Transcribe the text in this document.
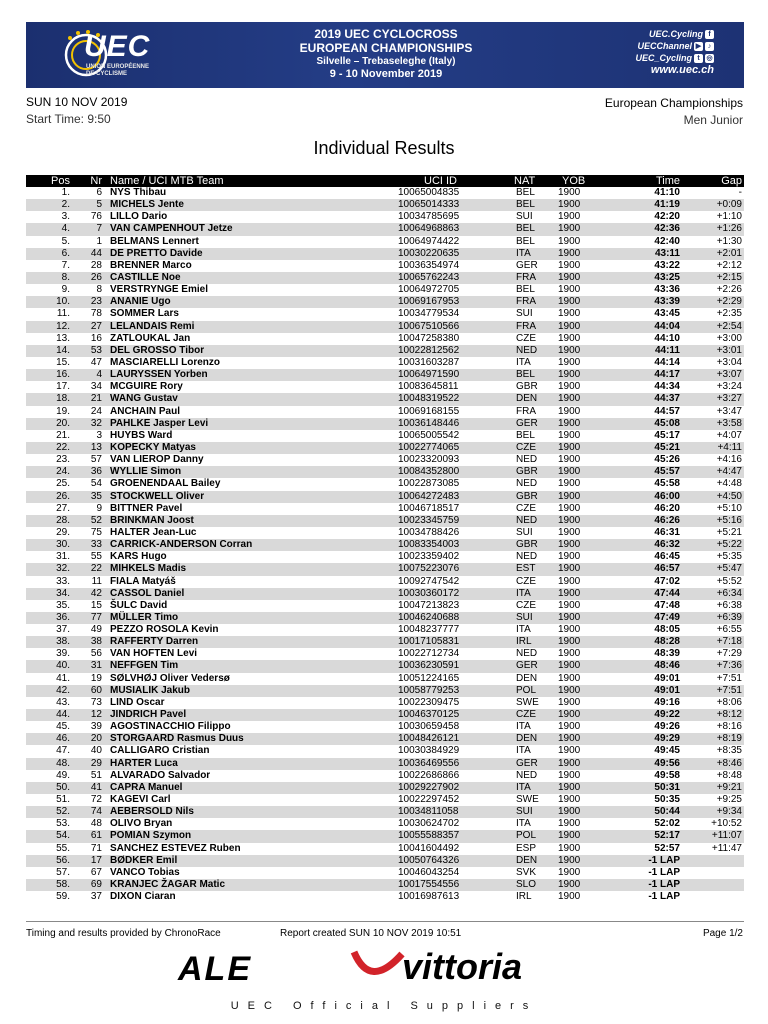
UEC
UNION EUROPÉENNE
DE CYCLISME
2019 UEC CYCLOCROSS
EUROPEAN CHAMPIONSHIPS
Silvelle – Trebaseleghe (Italy)
9 - 10 November 2019
UEC.Cycling f
UECChannel ▶ ♪
UEC_Cycling t ◎
www.uec.ch
SUN 10 NOV 2019
Start Time: 9:50
European Championships
Men Junior
Individual Results
Pos Nr Name / UCI MTB Team	UCI ID	NAT YOB	Time	Gap
1.	6 NYS Thibau	10065004835	BEL 1900	41:10	-
2.	5 MICHELS Jente	10065014333	BEL 1900	41:19	+0:09
3. 76 LILLO Dario	10034785695	SUI	1900	42:20	+1:10
4.	7 VAN CAMPENHOUT Jetze	10064968863	BEL 1900	42:36	+1:26
5.	1 BELMANS Lennert	10064974422	BEL 1900	42:40	+1:30
6. 44 DE PRETTO Davide	10030220635	ITA	1900	43:11	+2:01
7. 28 BRENNER Marco	10036354974	GER 1900	43:22	+2:12
8. 26 CASTILLE Noe	10065762243	FRA 1900	43:25	+2:15
9.	8 VERSTRYNGE Emiel	10064972705	BEL 1900	43:36	+2:26
10. 23 ANANIE Ugo	10069167953	FRA 1900	43:39	+2:29
11. 78 SOMMER Lars	10034779534	SUI	1900	43:45	+2:35
12. 27 LELANDAIS Remi	10067510566	FRA 1900	44:04	+2:54
13. 16 ZATLOUKAL Jan	10047258380	CZE 1900	44:10	+3:00
14. 53 DEL GROSSO Tibor	10022812562	NED 1900	44:11	+3:01
15. 47 MASCIARELLI Lorenzo	10031603287	ITA	1900	44:14	+3:04
16.	4 LAURYSSEN Yorben	10064971590	BEL 1900	44:17	+3:07
17. 34 MCGUIRE Rory	10083645811	GBR 1900	44:34	+3:24
18. 21 WANG Gustav	10048319522	DEN 1900	44:37	+3:27
19. 24 ANCHAIN Paul	10069168155	FRA 1900	44:57	+3:47
20. 32 PAHLKE Jasper Levi	10036148446	GER 1900	45:08	+3:58
21.	3 HUYBS Ward	10065005542	BEL 1900	45:17	+4:07
22. 13 KOPECKY Matyas	10022774065	CZE 1900	45:21	+4:11
23. 57 VAN LIEROP Danny	10023320093	NED 1900	45:26	+4:16
24. 36 WYLLIE Simon	10084352800	GBR 1900	45:57	+4:47
25. 54 GROENENDAAL Bailey	10022873085	NED 1900	45:58	+4:48
26. 35 STOCKWELL Oliver	10064272483	GBR 1900	46:00	+4:50
27.	9 BITTNER Pavel	10046718517	CZE 1900	46:20	+5:10
28. 52 BRINKMAN Joost	10023345759	NED 1900	46:26	+5:16
29. 75 HALTER Jean-Luc	10034788426	SUI	1900	46:31	+5:21
30. 33 CARRICK-ANDERSON Corran	10083354003	GBR 1900	46:32	+5:22
31. 55 KARS Hugo	10023359402	NED 1900	46:45	+5:35
32. 22 MIHKELS Madis	10075223076	EST 1900	46:57	+5:47
33. 11 FIALA Matyáš	10092747542	CZE 1900	47:02	+5:52
34. 42 CASSOL Daniel	10030360172	ITA	1900	47:44	+6:34
35. 15 ŠULC David	10047213823	CZE 1900	47:48	+6:38
36. 77 MÜLLER Timo	10046240688	SUI	1900	47:49	+6:39
37. 49 PEZZO ROSOLA Kevin	10048237777	ITA	1900	48:05	+6:55
38. 38 RAFFERTY Darren	10017105831	IRL	1900	48:28	+7:18
39. 56 VAN HOFTEN Levi	10022712734	NED 1900	48:39	+7:29
40. 31 NEFFGEN Tim	10036230591	GER 1900	48:46	+7:36
41. 19 SØLVHØJ Oliver Vedersø	10051224165	DEN 1900	49:01	+7:51
42. 60 MUSIALIK Jakub	10058779253	POL 1900	49:01	+7:51
43. 73 LIND Oscar	10022309475	SWE 1900	49:16	+8:06
44. 12 JINDRICH Pavel	10046370125	CZE 1900	49:22	+8:12
45. 39 AGOSTINACCHIO Filippo	10030659458	ITA	1900	49:26	+8:16
46. 20 STORGAARD Rasmus Duus	10048426121	DEN 1900	49:29	+8:19
47. 40 CALLIGARO Cristian	10030384929	ITA	1900	49:45	+8:35
48. 29 HARTER Luca	10036469556	GER 1900	49:56	+8:46
49. 51 ALVARADO Salvador	10022686866	NED 1900	49:58	+8:48
50. 41 CAPRA Manuel	10029227902	ITA	1900	50:31	+9:21
51. 72 KAGEVI Carl	10022297452	SWE 1900	50:35	+9:25
52. 74 AEBERSOLD Nils	10034811058	SUI	1900	50:44	+9:34
53. 48 OLIVO Bryan	10030624702	ITA	1900	52:02	+10:52
54. 61 POMIAN Szymon	10055588357	POL 1900	52:17	+11:07
55. 71 SANCHEZ ESTEVEZ Ruben	10041604492	ESP 1900	52:57	+11:47
56. 17 BØDKER Emil	10050764326	DEN 1900	-1 LAP
57. 67 VANCO Tobias	10046043254	SVK 1900	-1 LAP
58. 69 KRANJEC ŽAGAR Matic	10017554556	SLO 1900	-1 LAP
59. 37 DIXON Ciaran	10016987613	IRL	1900	-1 LAP
Timing and results provided by ChronoRace	Report created SUN 10 NOV 2019 10:51	Page 1/2
ALE	vittoria
UEC Official Suppliers
